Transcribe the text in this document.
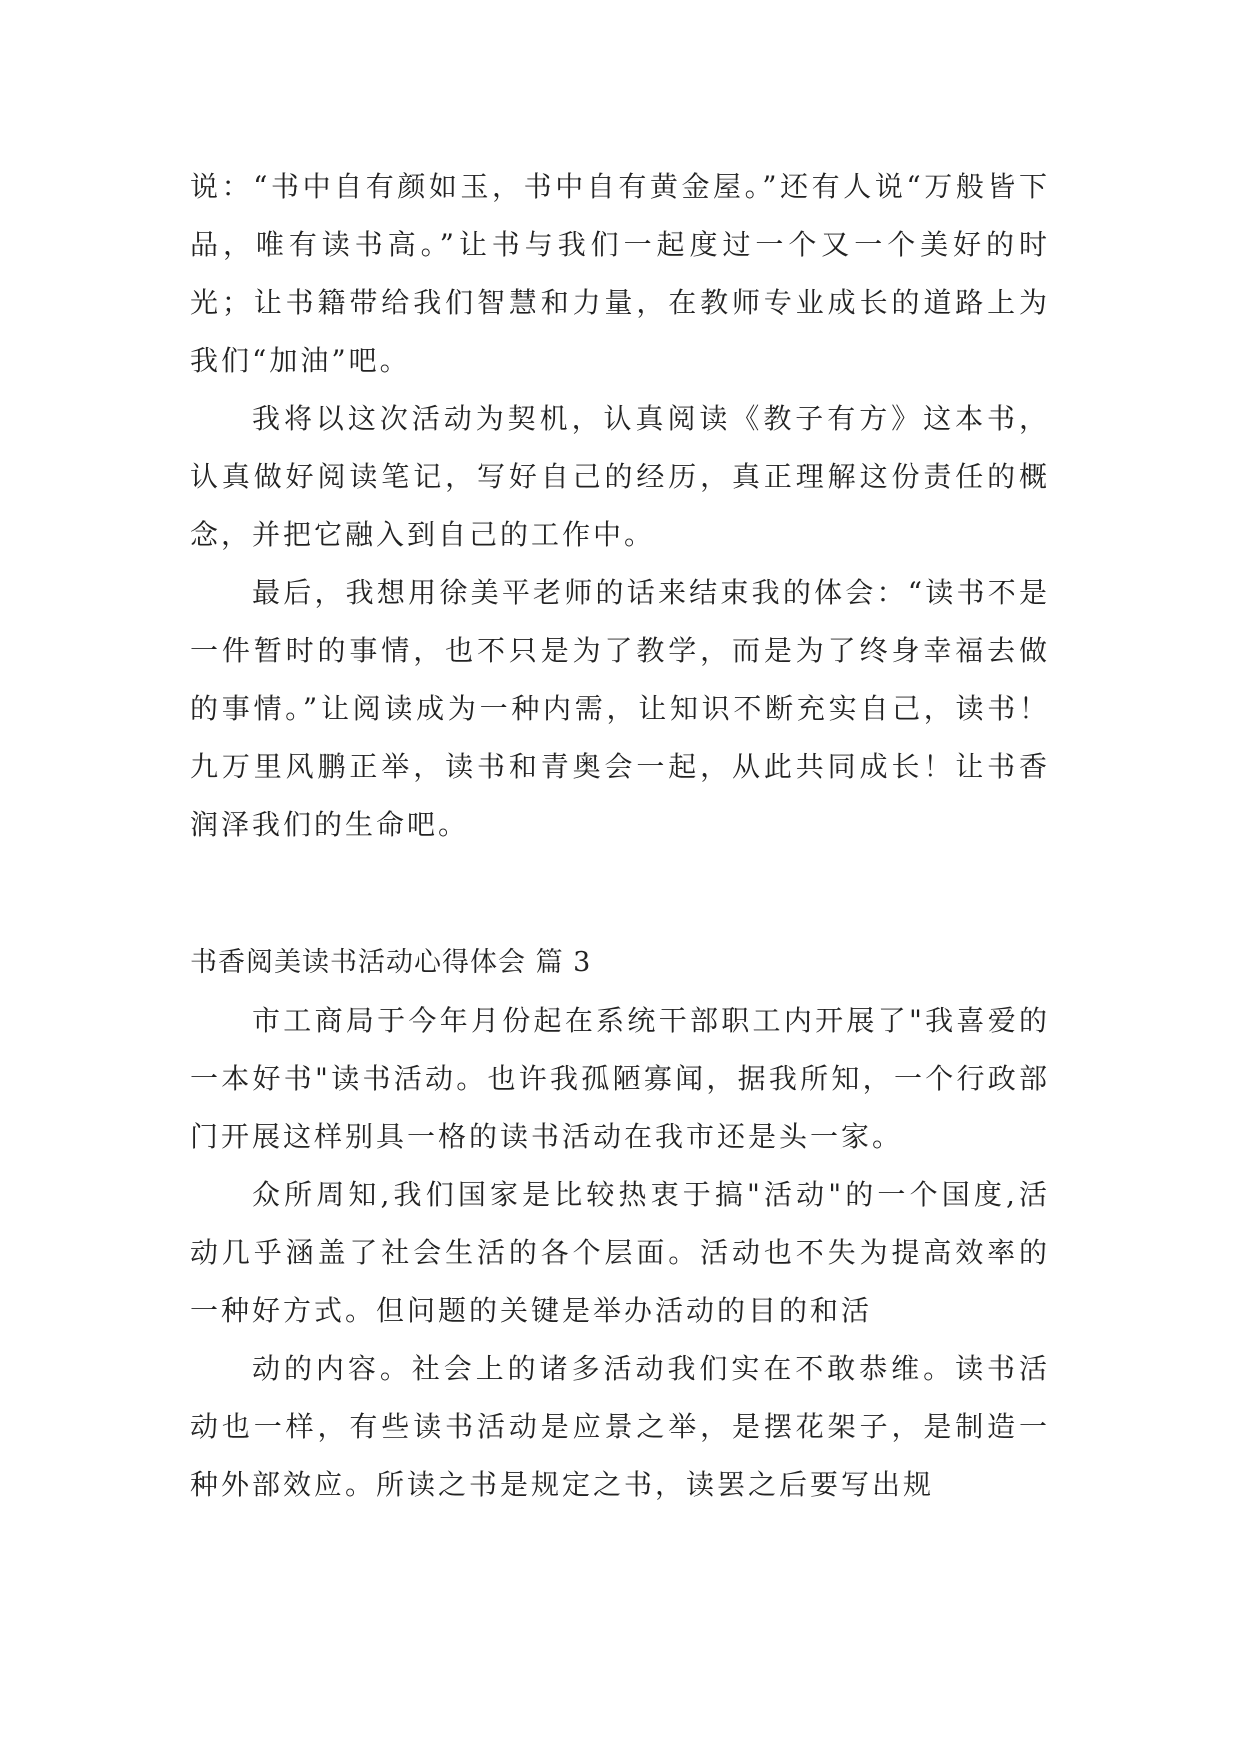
说：“书中自有颜如玉，书中自有黄金屋。”还有人说“万般皆下品，唯有读书高。”让书与我们一起度过一个又一个美好的时光；让书籍带给我们智慧和力量，在教师专业成长的道路上为我们“加油”吧。

我将以这次活动为契机，认真阅读《教子有方》这本书，认真做好阅读笔记，写好自己的经历，真正理解这份责任的概念，并把它融入到自己的工作中。

最后，我想用徐美平老师的话来结束我的体会：“读书不是一件暂时的事情，也不只是为了教学，而是为了终身幸福去做的事情。”让阅读成为一种内需，让知识不断充实自己，读书！九万里风鹏正举，读书和青奥会一起，从此共同成长！让书香润泽我们的生命吧。

书香阅美读书活动心得体会 篇 3

市工商局于今年月份起在系统干部职工内开展了"我喜爱的一本好书"读书活动。也许我孤陋寡闻，据我所知，一个行政部门开展这样别具一格的读书活动在我市还是头一家。

众所周知,我们国家是比较热衷于搞"活动"的一个国度,活动几乎涵盖了社会生活的各个层面。活动也不失为提高效率的一种好方式。但问题的关键是举办活动的目的和活

动的内容。社会上的诸多活动我们实在不敢恭维。读书活动也一样，有些读书活动是应景之举，是摆花架子，是制造一种外部效应。所读之书是规定之书，读罢之后要写出规
